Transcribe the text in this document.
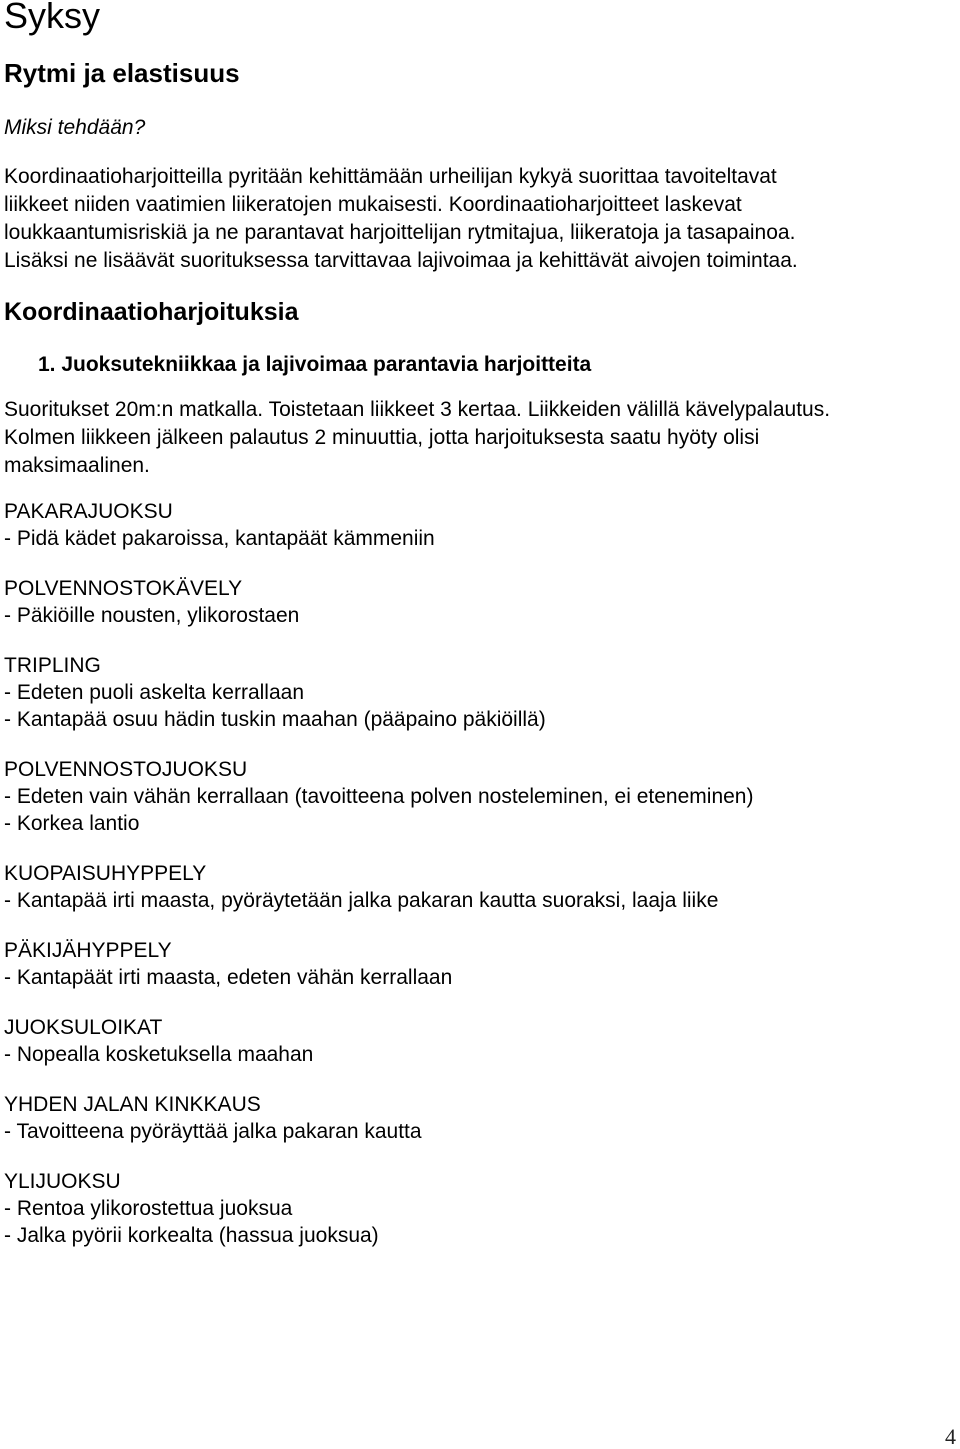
Syksy
Rytmi ja elastisuus
Miksi tehdään?
Koordinaatioharjoitteilla pyritään kehittämään urheilijan kykyä suorittaa tavoiteltavat
liikkeet niiden vaatimien liikeratojen mukaisesti. Koordinaatioharjoitteet laskevat
loukkaantumisriskiä ja ne parantavat harjoittelijan rytmitajua, liikeratoja ja tasapainoa.
Lisäksi ne lisäävät suorituksessa tarvittavaa lajivoimaa ja kehittävät aivojen toimintaa.
Koordinaatioharjoituksia
1. Juoksutekniikkaa ja lajivoimaa parantavia harjoitteita
Suoritukset 20m:n matkalla. Toistetaan liikkeet 3 kertaa. Liikkeiden välillä kävelypalautus.
Kolmen liikkeen jälkeen palautus 2 minuuttia, jotta harjoituksesta saatu hyöty olisi
maksimaalinen.
PAKARAJUOKSU
- Pidä kädet pakaroissa, kantapäät kämmeniin
POLVENNOSTOKÄVELY
- Päkiöille nousten, ylikorostaen
TRIPLING
- Edeten puoli askelta kerrallaan
- Kantapää osuu hädin tuskin maahan (pääpaino päkiöillä)
POLVENNOSTOJUOKSU
- Edeten vain vähän kerrallaan (tavoitteena polven nosteleminen, ei eteneminen)
- Korkea lantio
KUOPAISUHYPPELY
- Kantapää irti maasta, pyöräytetään jalka pakaran kautta suoraksi, laaja liike
PÄKIJÄHYPPELY
- Kantapäät irti maasta, edeten vähän kerrallaan
JUOKSULOIKAT
- Nopealla kosketuksella maahan
YHDEN JALAN KINKKAUS
- Tavoitteena pyöräyttää jalka pakaran kautta
YLIJUOKSU
- Rentoa ylikorostettua juoksua
- Jalka pyörii korkealta (hassua juoksua)
4
